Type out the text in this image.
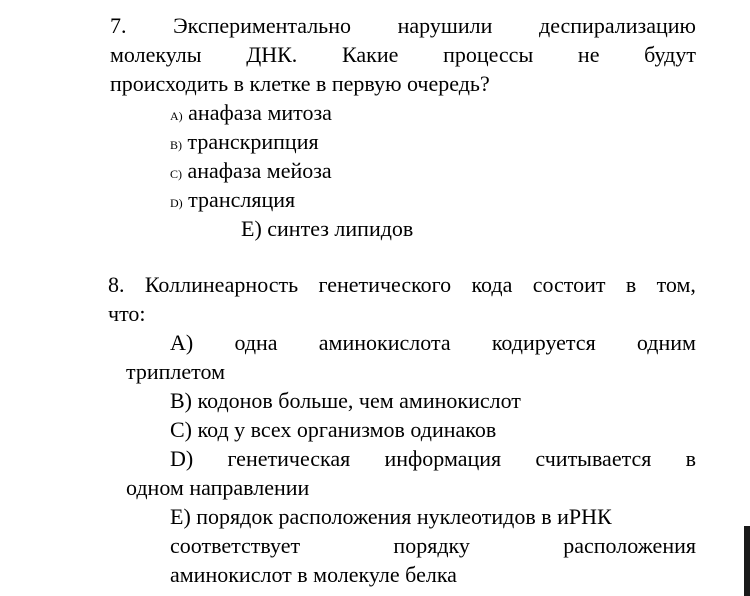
7. Экспериментально нарушили деспирализацию
молекулы ДНК. Какие процессы не будут
происходить в клетке в первую очередь?
A) анафаза митоза
B) транскрипция
C) анафаза мейоза
D) трансляция
E) синтез липидов
8. Коллинеарность генетического кода состоит в том,
что:
A) одна аминокислота кодируется одним
триплетом
B) кодонов больше, чем аминокислот
C) код у всех организмов одинаков
D) генетическая информация считывается в
одном направлении
E) порядок расположения нуклеотидов в иРНК
соответствует	порядку	расположения
аминокислот в молекуле белка
